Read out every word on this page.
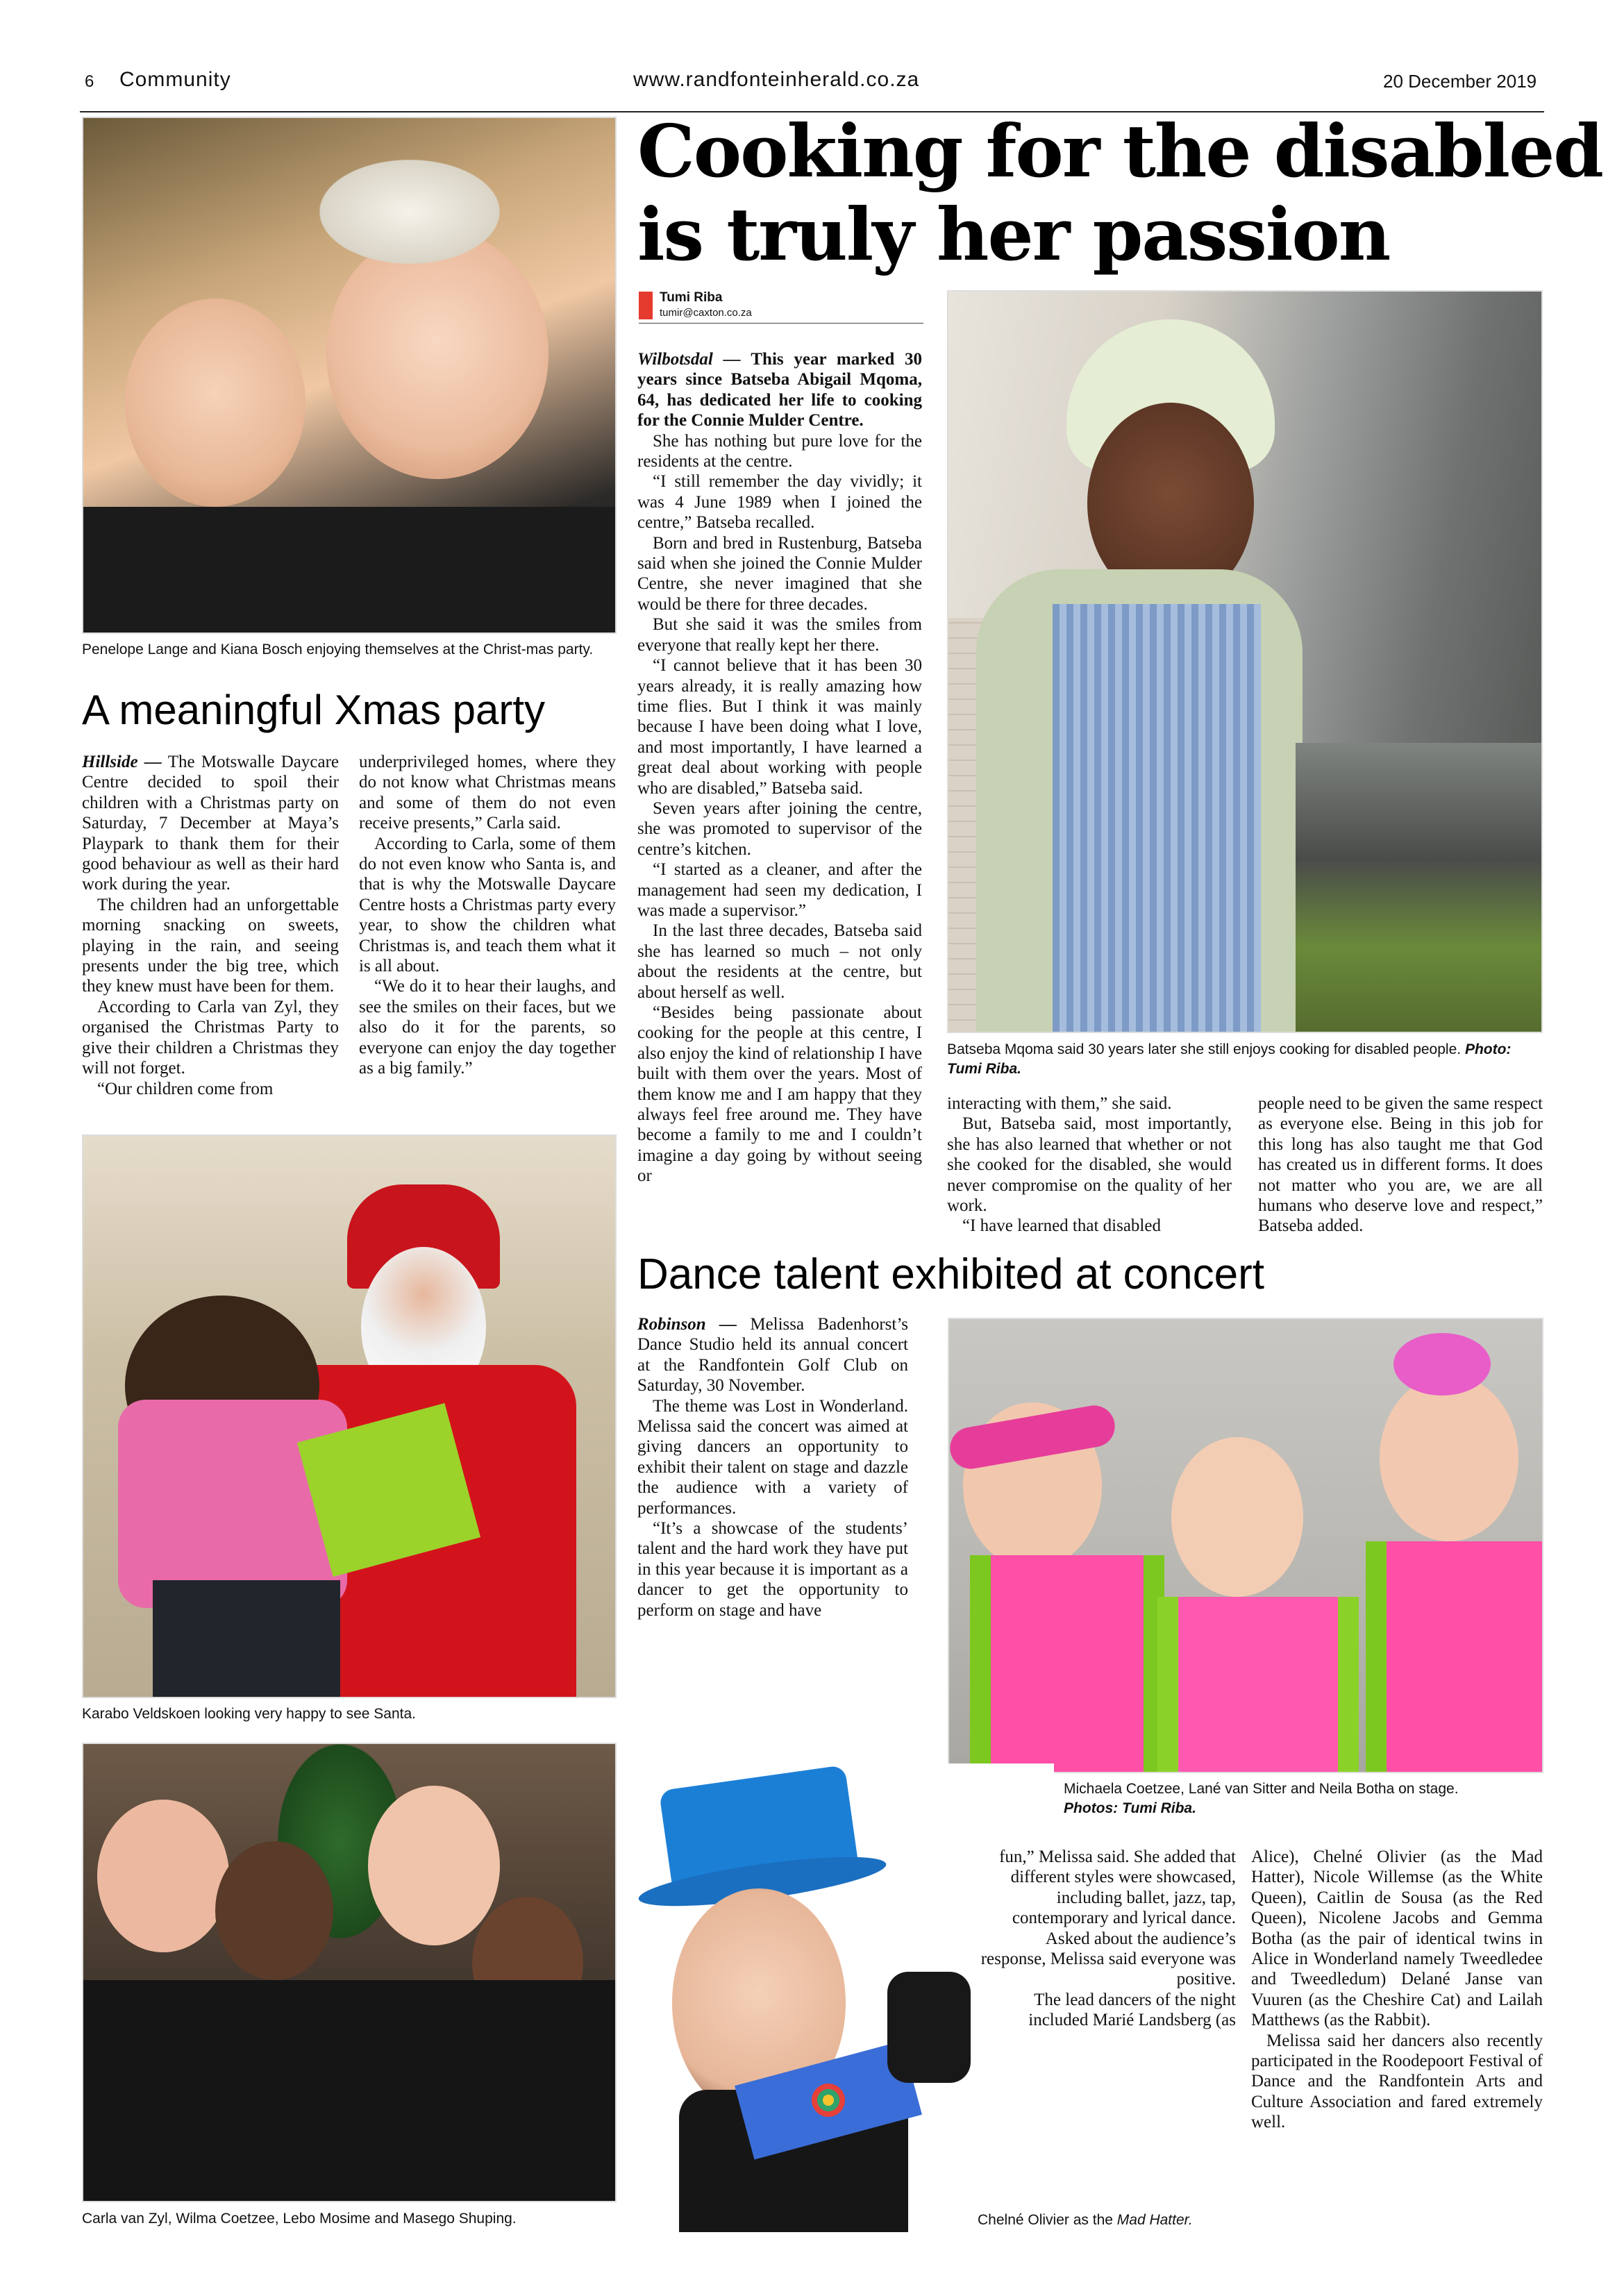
6 Community	www.randfonteinherald.co.za	20 December 2019
Penelope Lange and Kiana Bosch enjoying themselves at the Christ-mas party.
A meaningful Xmas party

Hillside — The Motswalle Daycare Centre decided to spoil their children with a Christmas party on Saturday, 7 December at Maya’s Playpark to thank them for their good behaviour as well as their hard work during the year.

The children had an unforgettable morning snacking on sweets, playing in the rain, and seeing presents under the big tree, which they knew must have been for them.

According to Carla van Zyl, they organised the Christmas Party to give their children a Christmas they will not forget.

“Our children come from

underprivileged homes, where they do not know what Christmas means and some of them do not even receive presents,” Carla said.

According to Carla, some of them do not even know who Santa is, and that is why the Motswalle Daycare Centre hosts a Christmas party every year, to show the children what Christmas is, and teach them what it is all about.

“We do it to hear their laughs, and see the smiles on their faces, but we also do it for the parents, so everyone can enjoy the day together as a big family.”

Karabo Veldskoen looking very happy to see Santa.
Carla van Zyl, Wilma Coetzee, Lebo Mosime and Masego Shuping.
Cooking for the disabled
is truly her passion
Tumi Riba
tumir@caxton.co.za

Wilbotsdal — This year marked 30 years since Batseba Abigail Mqoma, 64, has dedicated her life to cooking for the Connie Mulder Centre.

She has nothing but pure love for the residents at the centre.

“I still remember the day vividly; it was 4 June 1989 when I joined the centre,” Batseba recalled.

Born and bred in Rustenburg, Batseba said when she joined the Connie Mulder Centre, she never imagined that she would be there for three decades.

But she said it was the smiles from everyone that really kept her there.

“I cannot believe that it has been 30 years already, it is really amazing how time flies. But I think it was mainly because I have been doing what I love, and most importantly, I have learned a great deal about working with people who are disabled,” Batseba said.

Seven years after joining the centre, she was promoted to supervisor of the centre’s kitchen.

“I started as a cleaner, and after the management had seen my dedication, I was made a supervisor.”

In the last three decades, Batseba said she has learned so much – not only about the residents at the centre, but about herself as well.

“Besides being passionate about cooking for the people at this centre, I also enjoy the kind of relationship I have built with them over the years. Most of them know me and I am happy that they always feel free around me. They have become a family to me and I couldn’t imagine a day going by without seeing or

Batseba Mqoma said 30 years later she still enjoys cooking for disabled people. Photo: Tumi Riba.

interacting with them,” she said.

But, Batseba said, most importantly, she has also learned that whether or not she cooked for the disabled, she would never compromise on the quality of her work.

“I have learned that disabled

people need to be given the same respect as everyone else. Being in this job for this long has also taught me that God has created us in different forms. It does not matter who you are, we are all humans who deserve love and respect,” Batseba added.

Dance talent exhibited at concert

Robinson — Melissa Badenhorst’s Dance Studio held its annual concert at the Randfontein Golf Club on Saturday, 30 November.

The theme was Lost in Wonderland. Melissa said the concert was aimed at giving dancers an opportunity to exhibit their talent on stage and dazzle the audience with a variety of performances.

“It’s a showcase of the students’ talent and the hard work they have put in this year because it is important as a dancer to get the opportunity to perform on stage and have

Michaela Coetzee, Lané van Sitter and Neila Botha on stage.
Photos: Tumi Riba.

fun,” Melissa said. She added that different styles were showcased, including ballet, jazz, tap, contemporary and lyrical dance.

Asked about the audience’s response, Melissa said everyone was positive.

The lead dancers of the night included Marié Landsberg (as

Alice), Chelné Olivier (as the Mad Hatter), Nicole Willemse (as the White Queen), Caitlin de Sousa (as the Red Queen), Nicolene Jacobs and Gemma Botha (as the pair of identical twins in Alice in Wonderland namely Tweedledee and Tweedledum) Delané Janse van Vuuren (as the Cheshire Cat) and Lailah Matthews (as the Rabbit).

Melissa said her dancers also recently participated in the Roodepoort Festival of Dance and the Randfontein Arts and Culture Association and fared extremely well.

Chelné Olivier as the Mad Hatter.
